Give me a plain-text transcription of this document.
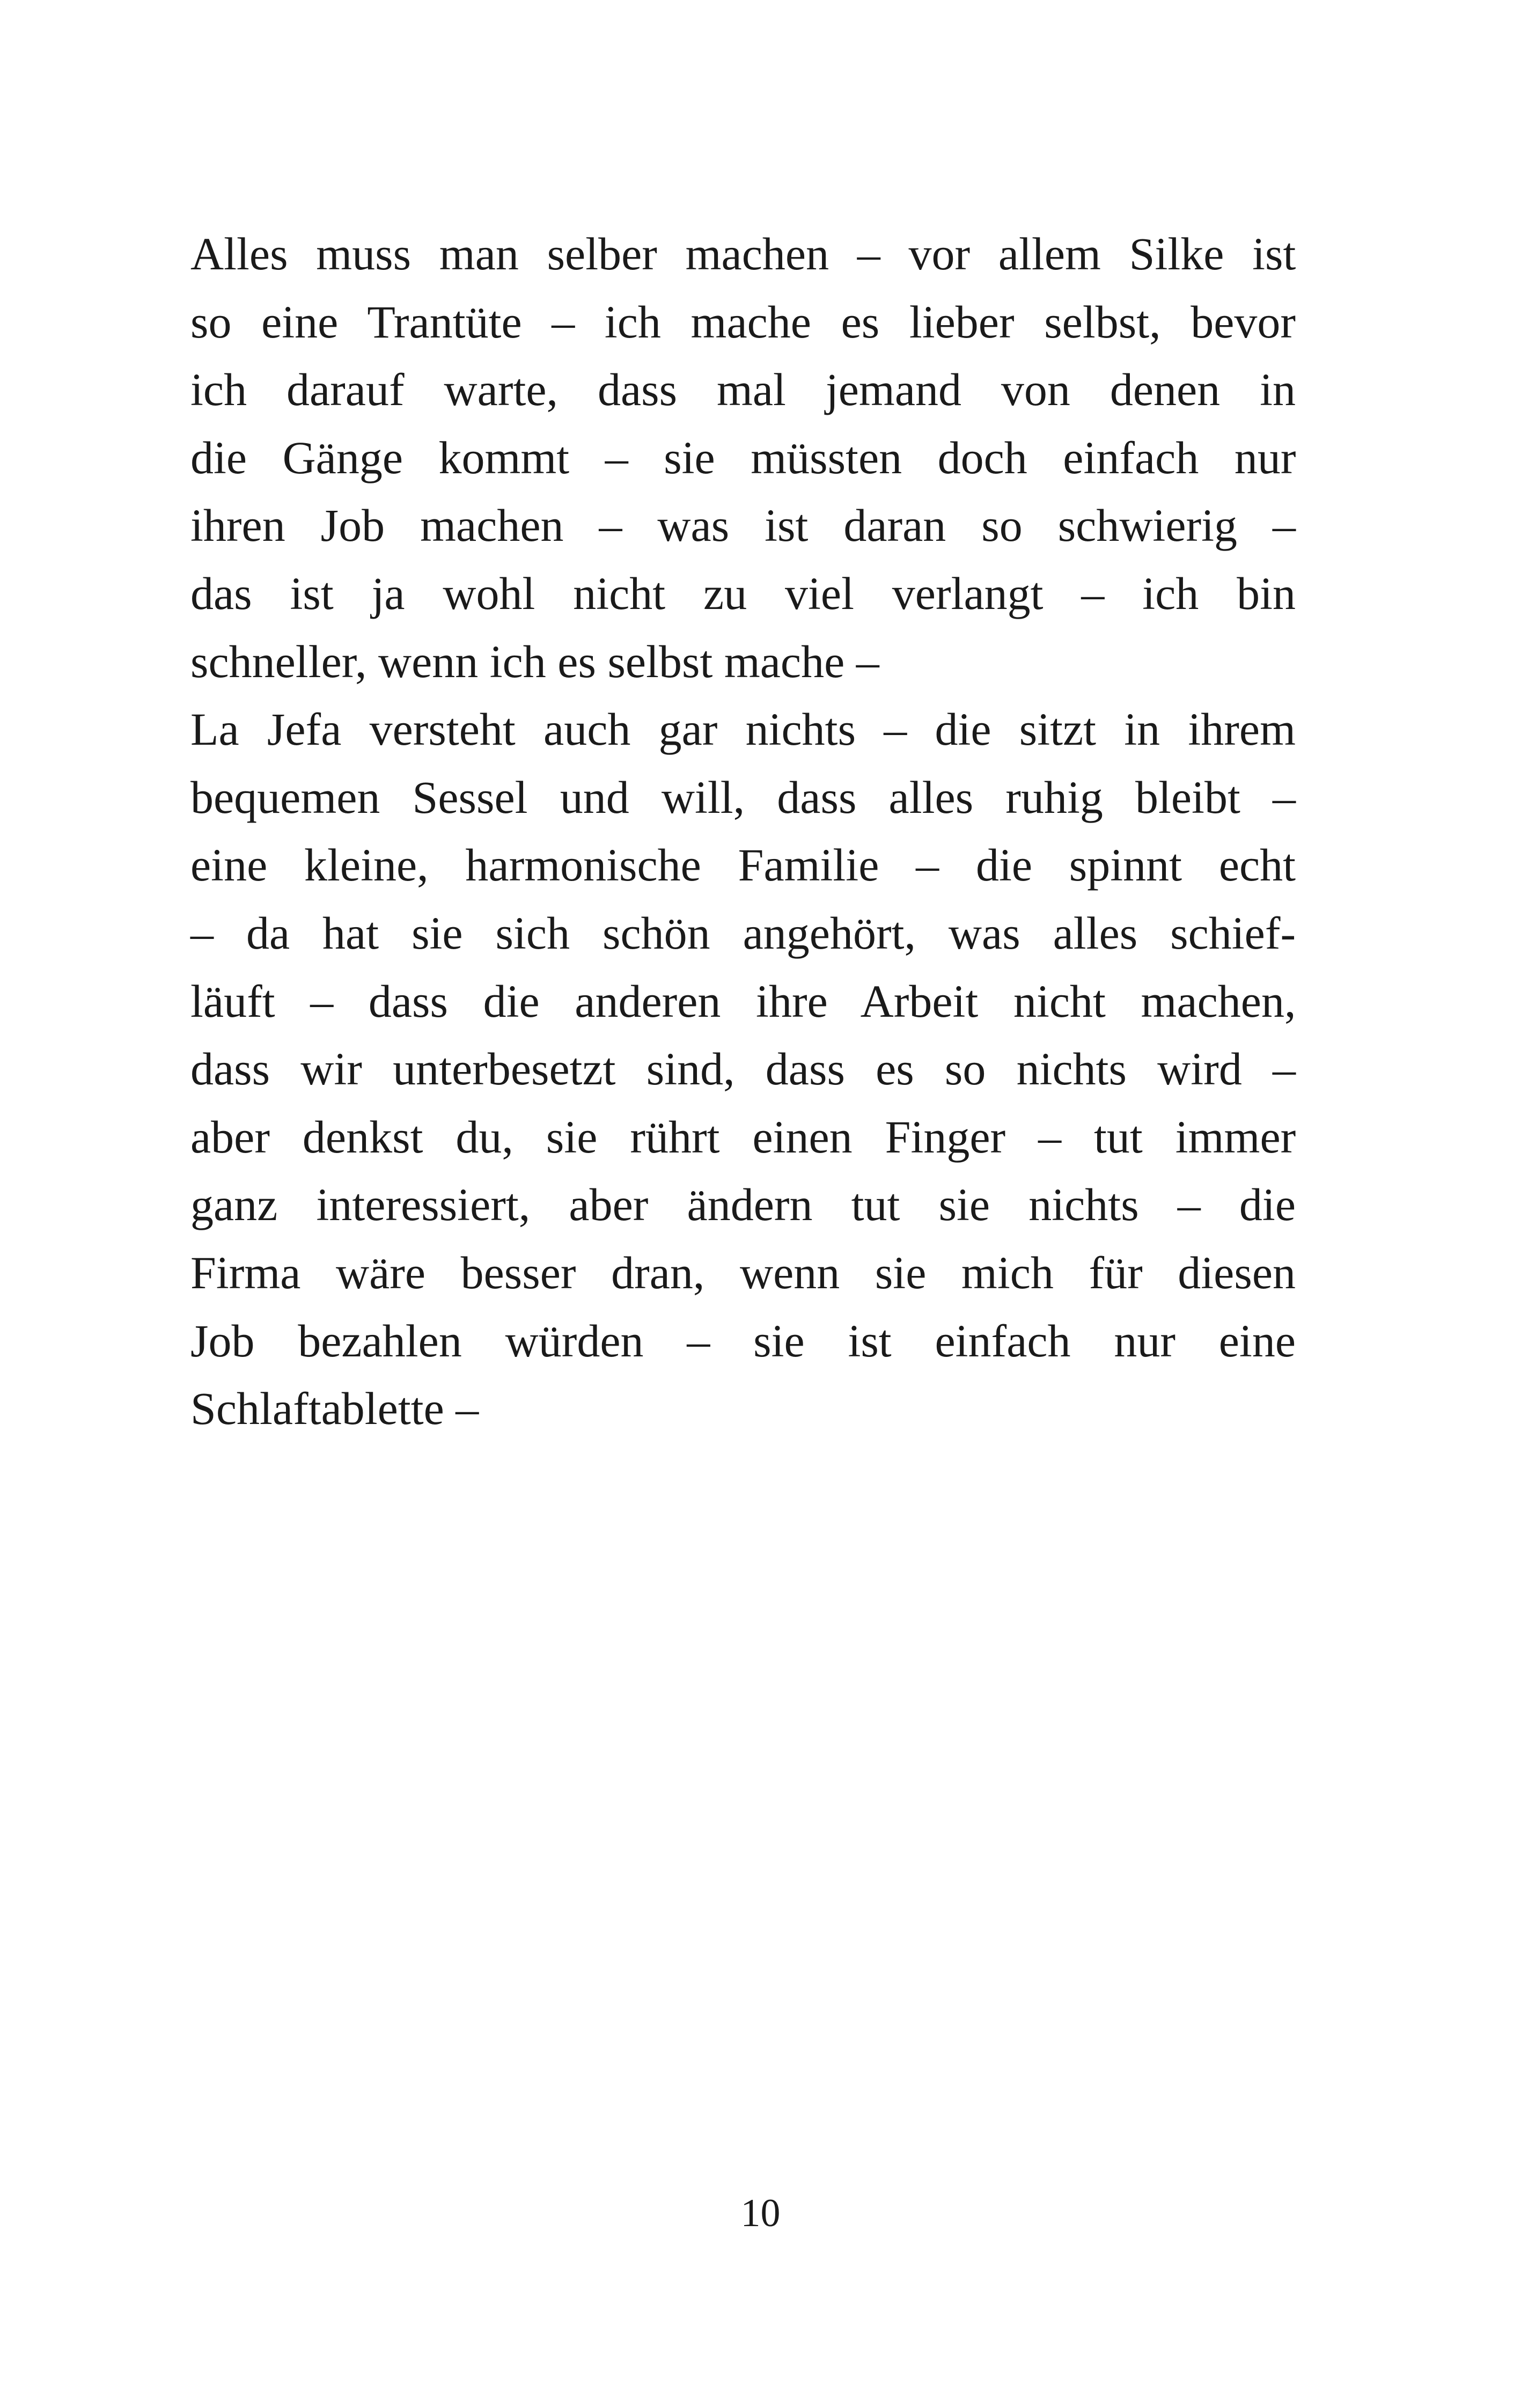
Alles muss man selber machen – vor allem Silke ist
so eine Trantüte – ich mache es lieber selbst, bevor
ich darauf warte, dass mal jemand von denen in
die Gänge kommt – sie müssten doch einfach nur
ihren Job machen – was ist daran so schwierig –
das ist ja wohl nicht zu viel verlangt – ich bin
schneller, wenn ich es selbst mache –
La Jefa versteht auch gar nichts – die sitzt in ihrem
bequemen Sessel und will, dass alles ruhig bleibt –
eine kleine, harmonische Familie – die spinnt echt
– da hat sie sich schön angehört, was alles schief-
läuft – dass die anderen ihre Arbeit nicht machen,
dass wir unterbesetzt sind, dass es so nichts wird –
aber denkst du, sie rührt einen Finger – tut immer
ganz interessiert, aber ändern tut sie nichts – die
Firma wäre besser dran, wenn sie mich für diesen
Job bezahlen würden – sie ist einfach nur eine
Schlaftablette –
10
